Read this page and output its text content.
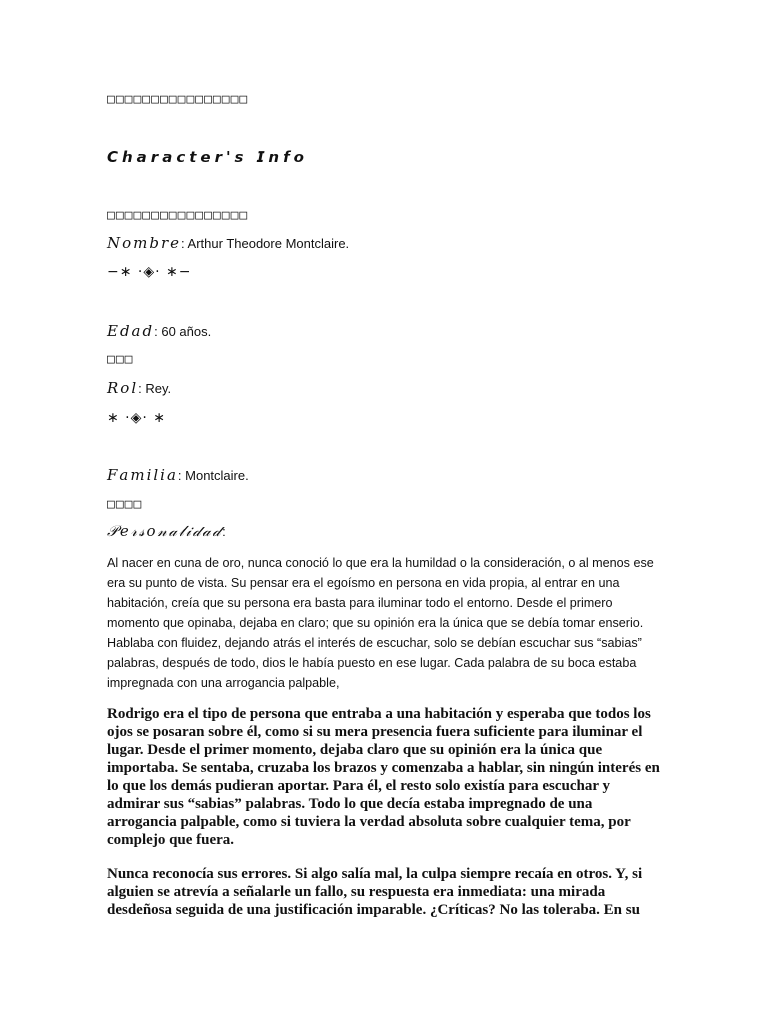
□□□□□□□□□□□□□□□□
𝘾𝙝𝙖𝙧𝙖𝙘𝙩𝙚𝙧'𝙨 𝙄𝙣𝙛𝙤
□□□□□□□□□□□□□□□□
𝑁𝑜𝑚𝑏𝑟𝑒: Arthur Theodore Montclaire.
−∗ ·◈· ∗−
𝐸𝑑𝑎𝑑: 60 años.
□□□
𝑅𝑜𝑙: Rey.
∗ ·◈· ∗
𝐹𝑎𝑚𝑖𝑙𝑖𝑎: Montclaire.
□□□□
𝒫𝑒𝓇𝓈𝑜𝓃𝒶𝓁𝒾𝒹𝒶𝒹:
Al nacer en cuna de oro, nunca conoció lo que era la humildad o la consideración, o al menos ese era su punto de vista. Su pensar era el egoísmo en persona en vida propia, al entrar en una habitación, creía que su persona era basta para iluminar todo el entorno. Desde el primero momento que opinaba, dejaba en claro; que su opinión era la única que se debía tomar enserio. Hablaba con fluidez, dejando atrás el interés de escuchar, solo se debían escuchar sus “sabias” palabras, después de todo, dios le había puesto en ese lugar. Cada palabra de su boca estaba impregnada con una arrogancia palpable,
Rodrigo era el tipo de persona que entraba a una habitación y esperaba que todos los ojos se posaran sobre él, como si su mera presencia fuera suficiente para iluminar el lugar. Desde el primer momento, dejaba claro que su opinión era la única que importaba. Se sentaba, cruzaba los brazos y comenzaba a hablar, sin ningún interés en lo que los demás pudieran aportar. Para él, el resto solo existía para escuchar y admirar sus “sabias” palabras. Todo lo que decía estaba impregnado de una arrogancia palpable, como si tuviera la verdad absoluta sobre cualquier tema, por complejo que fuera.
Nunca reconocía sus errores. Si algo salía mal, la culpa siempre recaía en otros. Y, si alguien se atrevía a señalarle un fallo, su respuesta era inmediata: una mirada desdeñosa seguida de una justificación imparable. ¿Críticas? No las toleraba. En su
